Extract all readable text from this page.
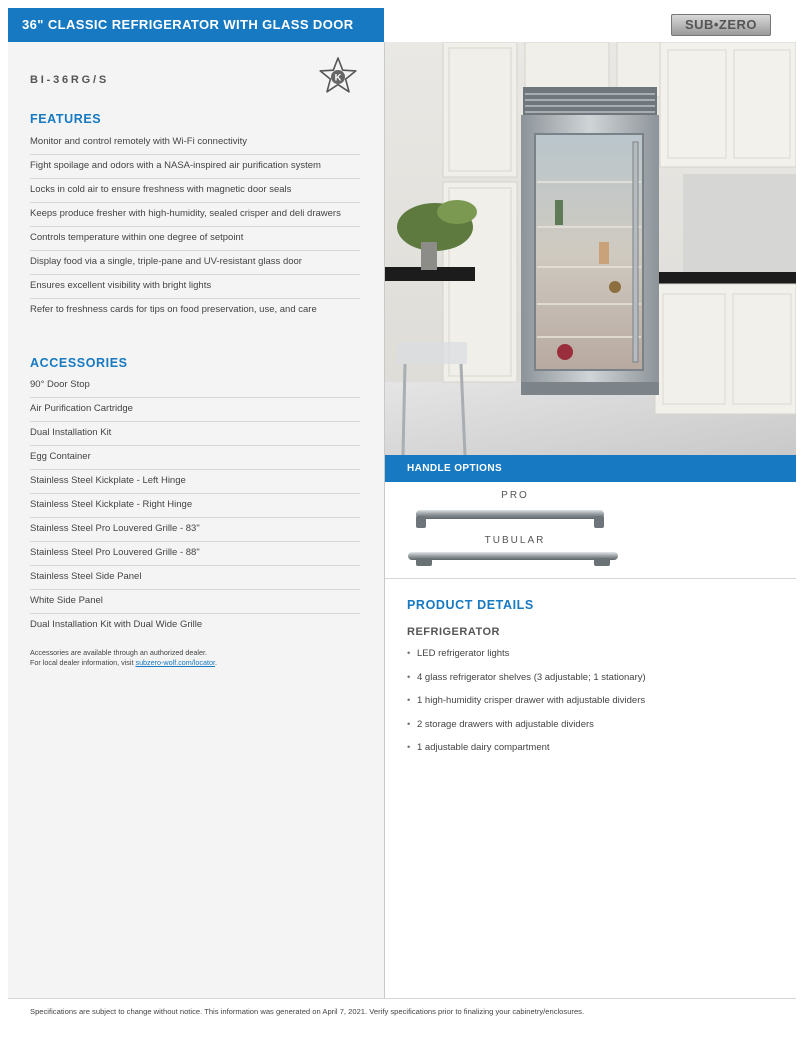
36" CLASSIC REFRIGERATOR WITH GLASS DOOR	SUB•ZERO
BI-36RG/S	K
FEATURES
Monitor and control remotely with Wi-Fi connectivity
Fight spoilage and odors with a NASA-inspired air purification system
Locks in cold air to ensure freshness with magnetic door seals
Keeps produce fresher with high-humidity, sealed crisper and deli drawers
Controls temperature within one degree of setpoint
Display food via a single, triple-pane and UV-resistant glass door
Ensures excellent visibility with bright lights
Refer to freshness cards for tips on food preservation, use, and care
ACCESSORIES
90° Door Stop
Air Purification Cartridge
Dual Installation Kit
Egg Container
Stainless Steel Kickplate - Left Hinge
Stainless Steel Kickplate - Right Hinge
Stainless Steel Pro Louvered Grille - 83"
Stainless Steel Pro Louvered Grille - 88"
Stainless Steel Side Panel
White Side Panel
Dual Installation Kit with Dual Wide Grille
Accessories are available through an authorized dealer.
For local dealer information, visit subzero-wolf.com/locator.
HANDLE OPTIONS
PRO
TUBULAR
PRODUCT DETAILS
REFRIGERATOR
• LED refrigerator lights
• 4 glass refrigerator shelves (3 adjustable; 1 stationary)
• 1 high-humidity crisper drawer with adjustable dividers
• 2 storage drawers with adjustable dividers
• 1 adjustable dairy compartment
Specifications are subject to change without notice. This information was generated on April 7, 2021. Verify specifications prior to finalizing your cabinetry/enclosures.
